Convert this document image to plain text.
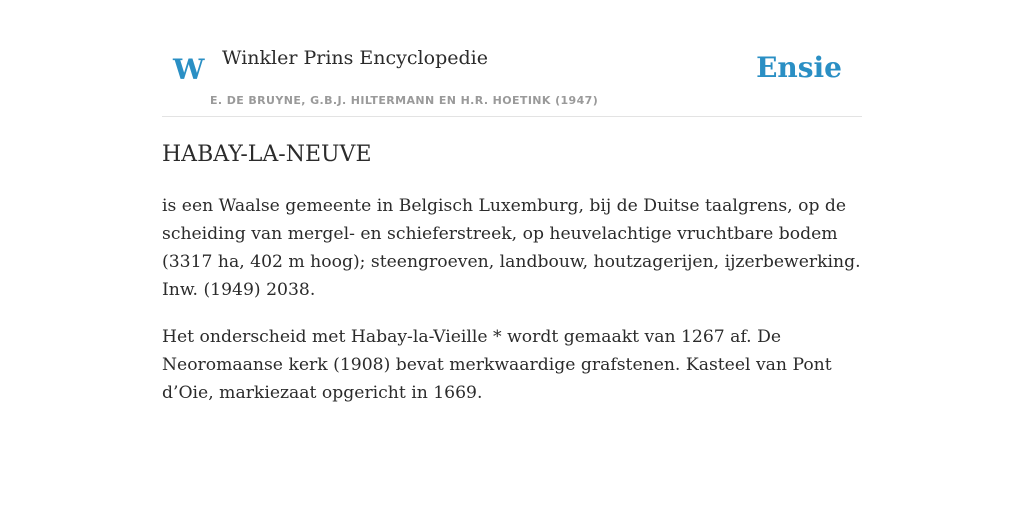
W Winkler Prins Encyclopedie
E. DE BRUYNE, G.B.J. HILTERMANN EN H.R. HOETINK (1947)
Ensie
HABAY-LA-NEUVE

is een Waalse gemeente in Belgisch Luxemburg, bij de Duitse taalgrens, op de scheiding van mergel- en schieferstreek, op heuvelachtige vruchtbare bodem (3317 ha, 402 m hoog); steengroeven, landbouw, houtzagerijen, ijzerbewerking. Inw. (1949) 2038.

Het onderscheid met Habay-la-Vieille * wordt gemaakt van 1267 af. De Neoromaanse kerk (1908) bevat merkwaardige grafstenen. Kasteel van Pont d’Oie, markiezaat opgericht in 1669.
